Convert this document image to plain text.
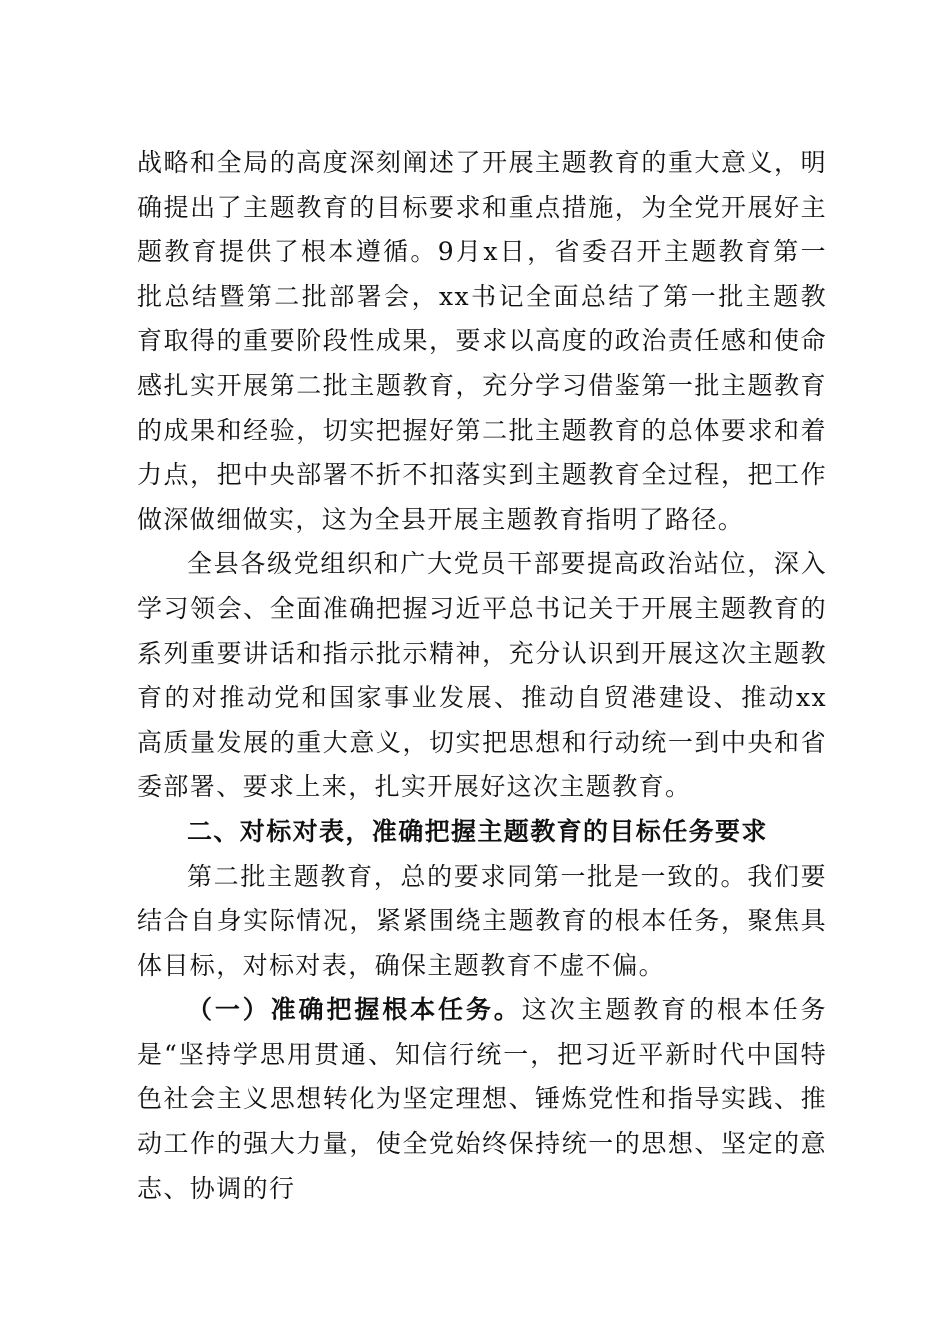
战略和全局的高度深刻阐述了开展主题教育的重大意义，明确提出了主题教育的目标要求和重点措施，为全党开展好主题教育提供了根本遵循。9月x日，省委召开主题教育第一批总结暨第二批部署会，xx书记全面总结了第一批主题教育取得的重要阶段性成果，要求以高度的政治责任感和使命感扎实开展第二批主题教育，充分学习借鉴第一批主题教育的成果和经验，切实把握好第二批主题教育的总体要求和着力点，把中央部署不折不扣落实到主题教育全过程，把工作做深做细做实，这为全县开展主题教育指明了路径。

全县各级党组织和广大党员干部要提高政治站位，深入学习领会、全面准确把握习近平总书记关于开展主题教育的系列重要讲话和指示批示精神，充分认识到开展这次主题教育的对推动党和国家事业发展、推动自贸港建设、推动xx高质量发展的重大意义，切实把思想和行动统一到中央和省委部署、要求上来，扎实开展好这次主题教育。

二、对标对表，准确把握主题教育的目标任务要求

第二批主题教育，总的要求同第一批是一致的。我们要结合自身实际情况，紧紧围绕主题教育的根本任务，聚焦具体目标，对标对表，确保主题教育不虚不偏。

（一）准确把握根本任务。这次主题教育的根本任务是“坚持学思用贯通、知信行统一，把习近平新时代中国特色社会主义思想转化为坚定理想、锤炼党性和指导实践、推动工作的强大力量，使全党始终保持统一的思想、坚定的意志、协调的行
